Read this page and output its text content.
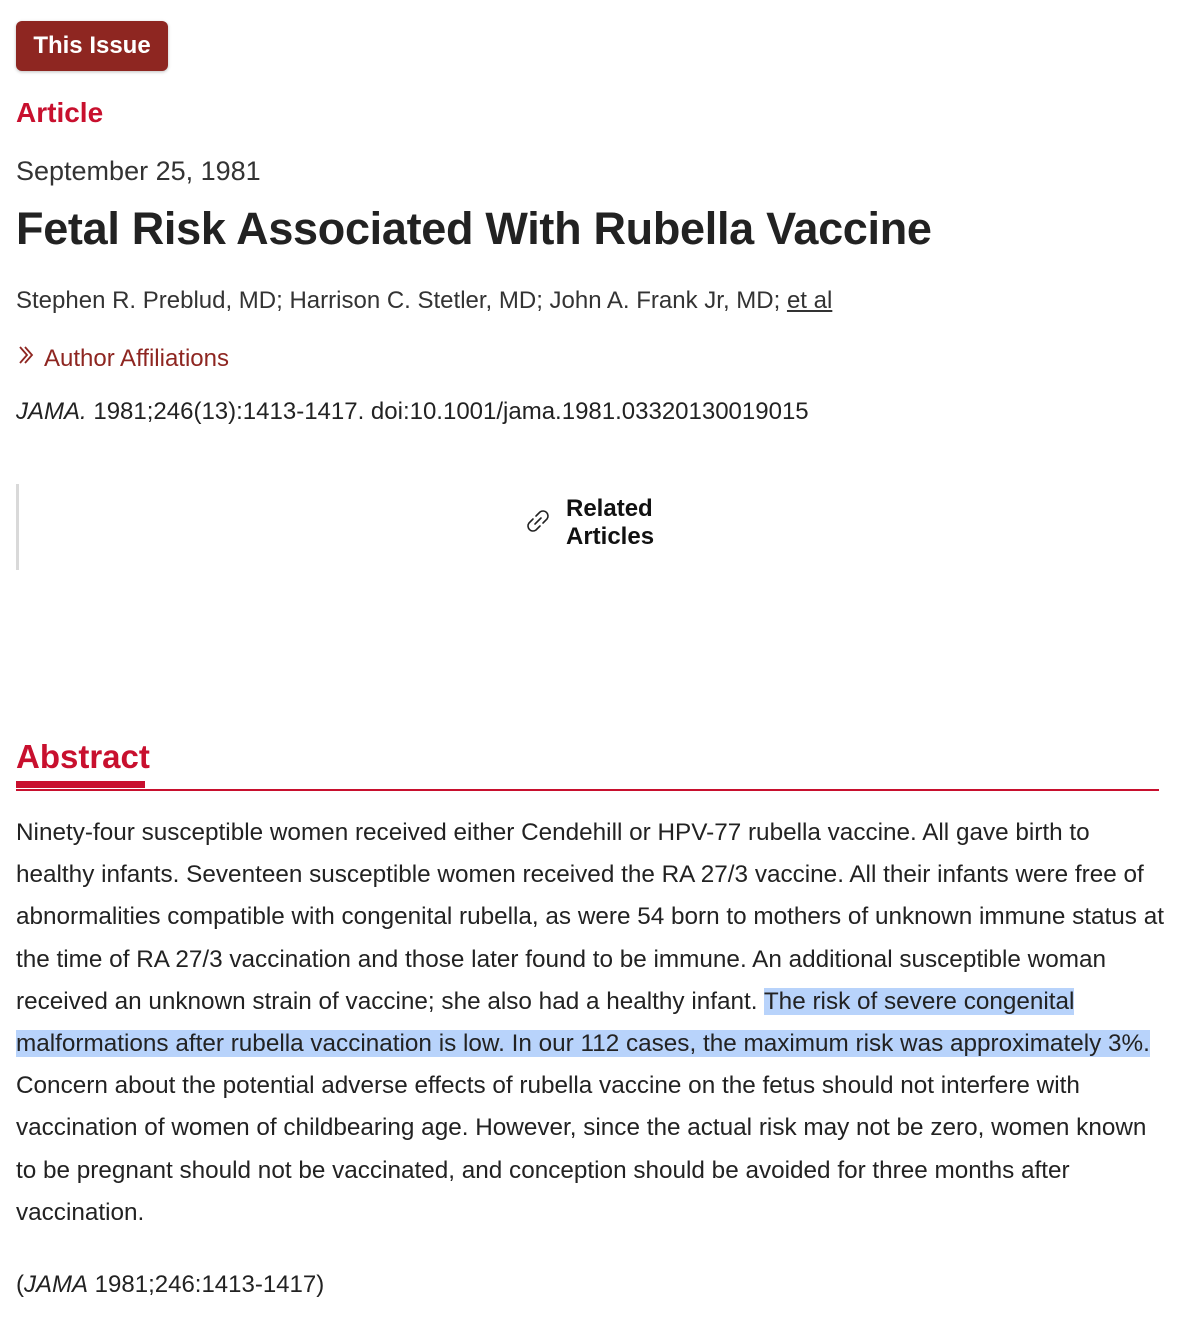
This Issue
Article
September 25, 1981
Fetal Risk Associated With Rubella Vaccine
Stephen R. Preblud, MD; Harrison C. Stetler, MD; John A. Frank Jr, MD; et al
Author Affiliations
JAMA. 1981;246(13):1413-1417. doi:10.1001/jama.1981.03320130019015
Related
Articles
Abstract

Ninety-four susceptible women received either Cendehill or HPV-77 rubella vaccine. All gave birth to healthy infants. Seventeen susceptible women received the RA 27/3 vaccine. All their infants were free of abnormalities compatible with congenital rubella, as were 54 born to mothers of unknown immune status at the time of RA 27/3 vaccination and those later found to be immune. An additional susceptible woman received an unknown strain of vaccine; she also had a healthy infant. The risk of severe congenital malformations after rubella vaccination is low. In our 112 cases, the maximum risk was approximately 3%. Concern about the potential adverse effects of rubella vaccine on the fetus should not interfere with vaccination of women of childbearing age. However, since the actual risk may not be zero, women known to be pregnant should not be vaccinated, and conception should be avoided for three months after vaccination.

(JAMA 1981;246:1413-1417)
